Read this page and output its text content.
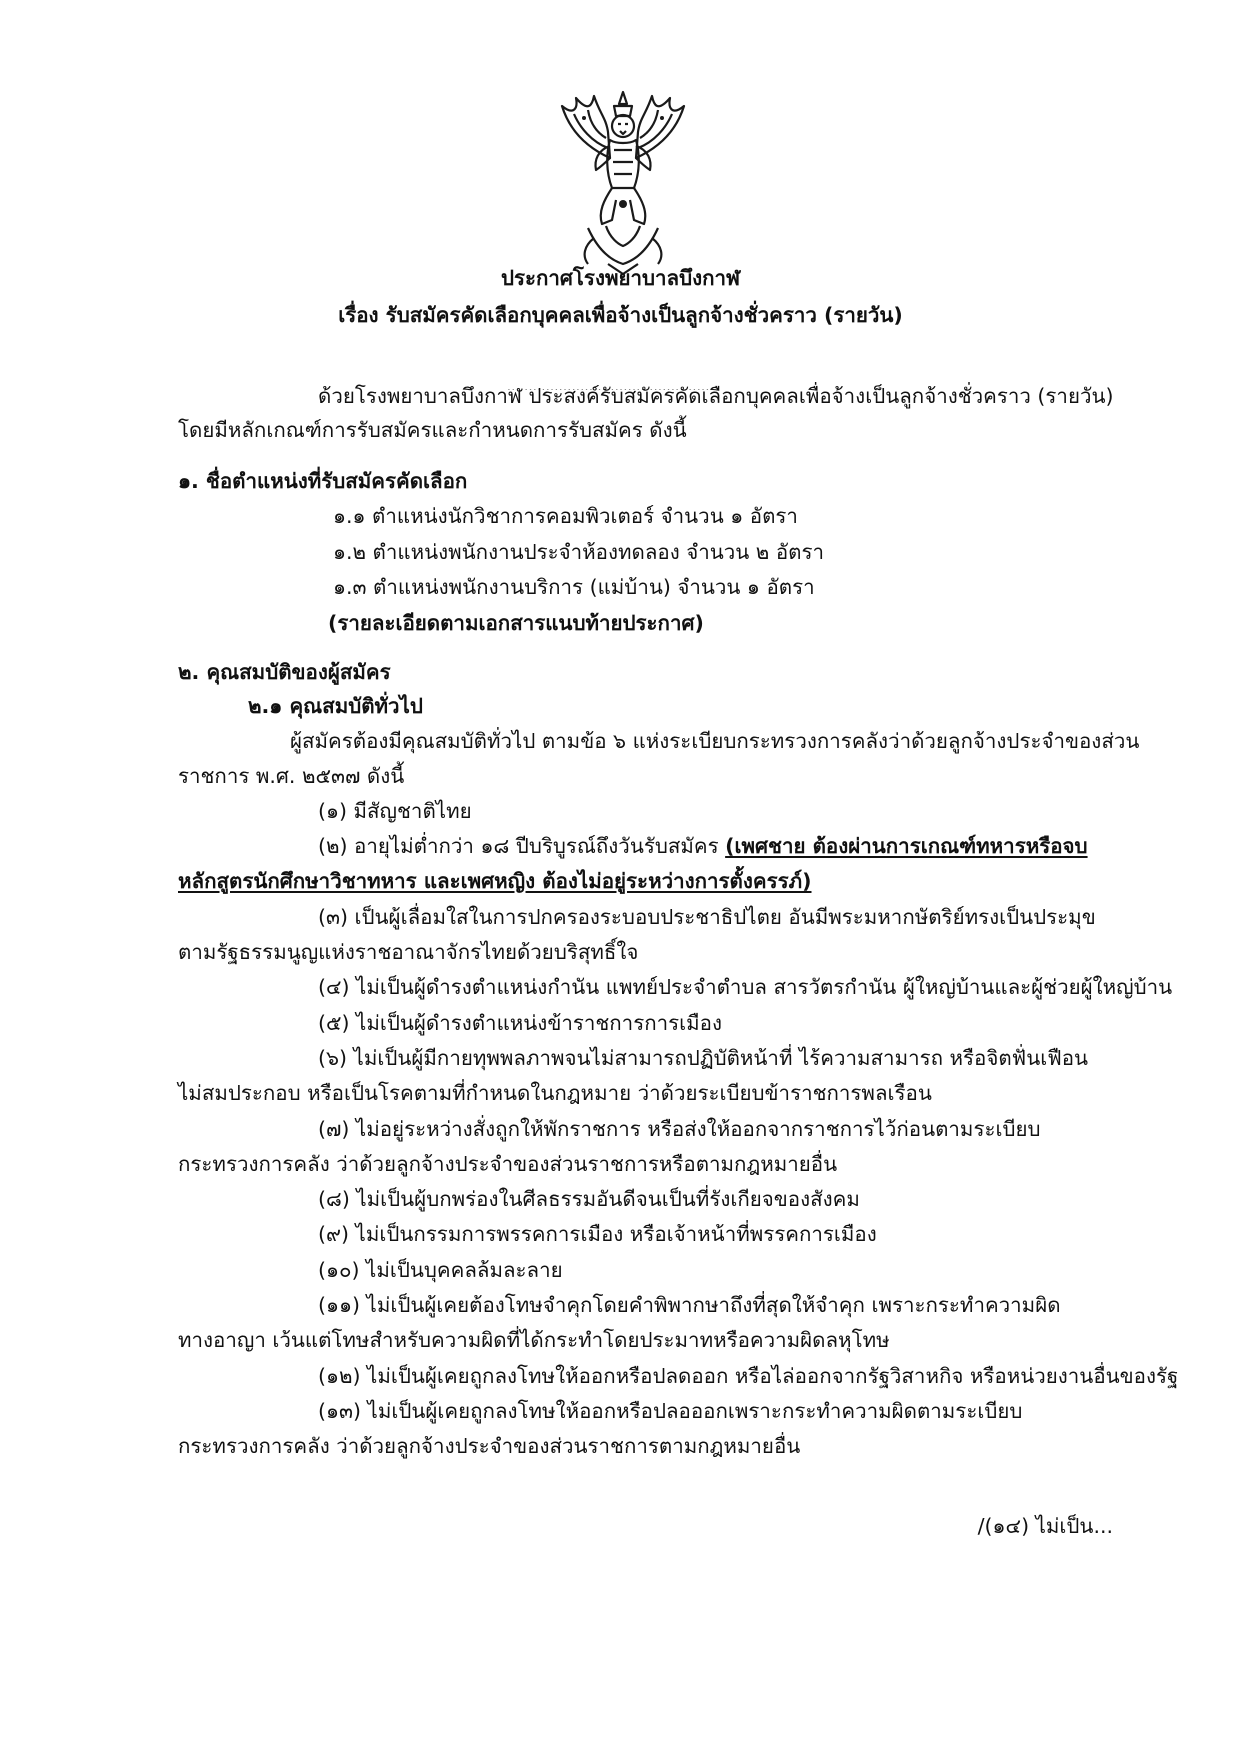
ประกาศโรงพยาบาลบึงกาฬ
เรื่อง รับสมัครคัดเลือกบุคคลเพื่อจ้างเป็นลูกจ้างชั่วคราว (รายวัน)
ด้วยโรงพยาบาลบึงกาฬ ประสงค์รับสมัครคัดเลือกบุคคลเพื่อจ้างเป็นลูกจ้างชั่วคราว (รายวัน)
โดยมีหลักเกณฑ์การรับสมัครและกำหนดการรับสมัคร ดังนี้
๑. ชื่อตำแหน่งที่รับสมัครคัดเลือก
๑.๑ ตำแหน่งนักวิชาการคอมพิวเตอร์ จำนวน ๑ อัตรา
๑.๒ ตำแหน่งพนักงานประจำห้องทดลอง จำนวน ๒ อัตรา
๑.๓ ตำแหน่งพนักงานบริการ (แม่บ้าน) จำนวน ๑ อัตรา
(รายละเอียดตามเอกสารแนบท้ายประกาศ)
๒. คุณสมบัติของผู้สมัคร
๒.๑ คุณสมบัติทั่วไป
ผู้สมัครต้องมีคุณสมบัติทั่วไป ตามข้อ ๖ แห่งระเบียบกระทรวงการคลังว่าด้วยลูกจ้างประจำของส่วน
ราชการ พ.ศ. ๒๕๓๗ ดังนี้
(๑) มีสัญชาติไทย
(๒) อายุไม่ต่ำกว่า ๑๘ ปีบริบูรณ์ถึงวันรับสมัคร (เพศชาย ต้องผ่านการเกณฑ์ทหารหรือจบ
หลักสูตรนักศึกษาวิชาทหาร และเพศหญิง ต้องไม่อยู่ระหว่างการตั้งครรภ์)
(๓) เป็นผู้เลื่อมใสในการปกครองระบอบประชาธิปไตย อันมีพระมหากษัตริย์ทรงเป็นประมุข
ตามรัฐธรรมนูญแห่งราชอาณาจักรไทยด้วยบริสุทธิ์ใจ
(๔) ไม่เป็นผู้ดำรงตำแหน่งกำนัน แพทย์ประจำตำบล สารวัตรกำนัน ผู้ใหญ่บ้านและผู้ช่วยผู้ใหญ่บ้าน
(๕) ไม่เป็นผู้ดำรงตำแหน่งข้าราชการการเมือง
(๖) ไม่เป็นผู้มีกายทุพพลภาพจนไม่สามารถปฏิบัติหน้าที่ ไร้ความสามารถ หรือจิตฟั่นเฟือน
ไม่สมประกอบ หรือเป็นโรคตามที่กำหนดในกฎหมาย ว่าด้วยระเบียบข้าราชการพลเรือน
(๗) ไม่อยู่ระหว่างสั่งถูกให้พักราชการ หรือส่งให้ออกจากราชการไว้ก่อนตามระเบียบ
กระทรวงการคลัง ว่าด้วยลูกจ้างประจำของส่วนราชการหรือตามกฎหมายอื่น
(๘) ไม่เป็นผู้บกพร่องในศีลธรรมอันดีจนเป็นที่รังเกียจของสังคม
(๙) ไม่เป็นกรรมการพรรคการเมือง หรือเจ้าหน้าที่พรรคการเมือง
(๑๐) ไม่เป็นบุคคลล้มละลาย
(๑๑) ไม่เป็นผู้เคยต้องโทษจำคุกโดยคำพิพากษาถึงที่สุดให้จำคุก เพราะกระทำความผิด
ทางอาญา เว้นแต่โทษสำหรับความผิดที่ได้กระทำโดยประมาทหรือความผิดลหุโทษ
(๑๒) ไม่เป็นผู้เคยถูกลงโทษให้ออกหรือปลดออก หรือไล่ออกจากรัฐวิสาหกิจ หรือหน่วยงานอื่นของรัฐ
(๑๓) ไม่เป็นผู้เคยถูกลงโทษให้ออกหรือปลอออกเพราะกระทำความผิดตามระเบียบ
กระทรวงการคลัง ว่าด้วยลูกจ้างประจำของส่วนราชการตามกฎหมายอื่น
/(๑๔) ไม่เป็น...
